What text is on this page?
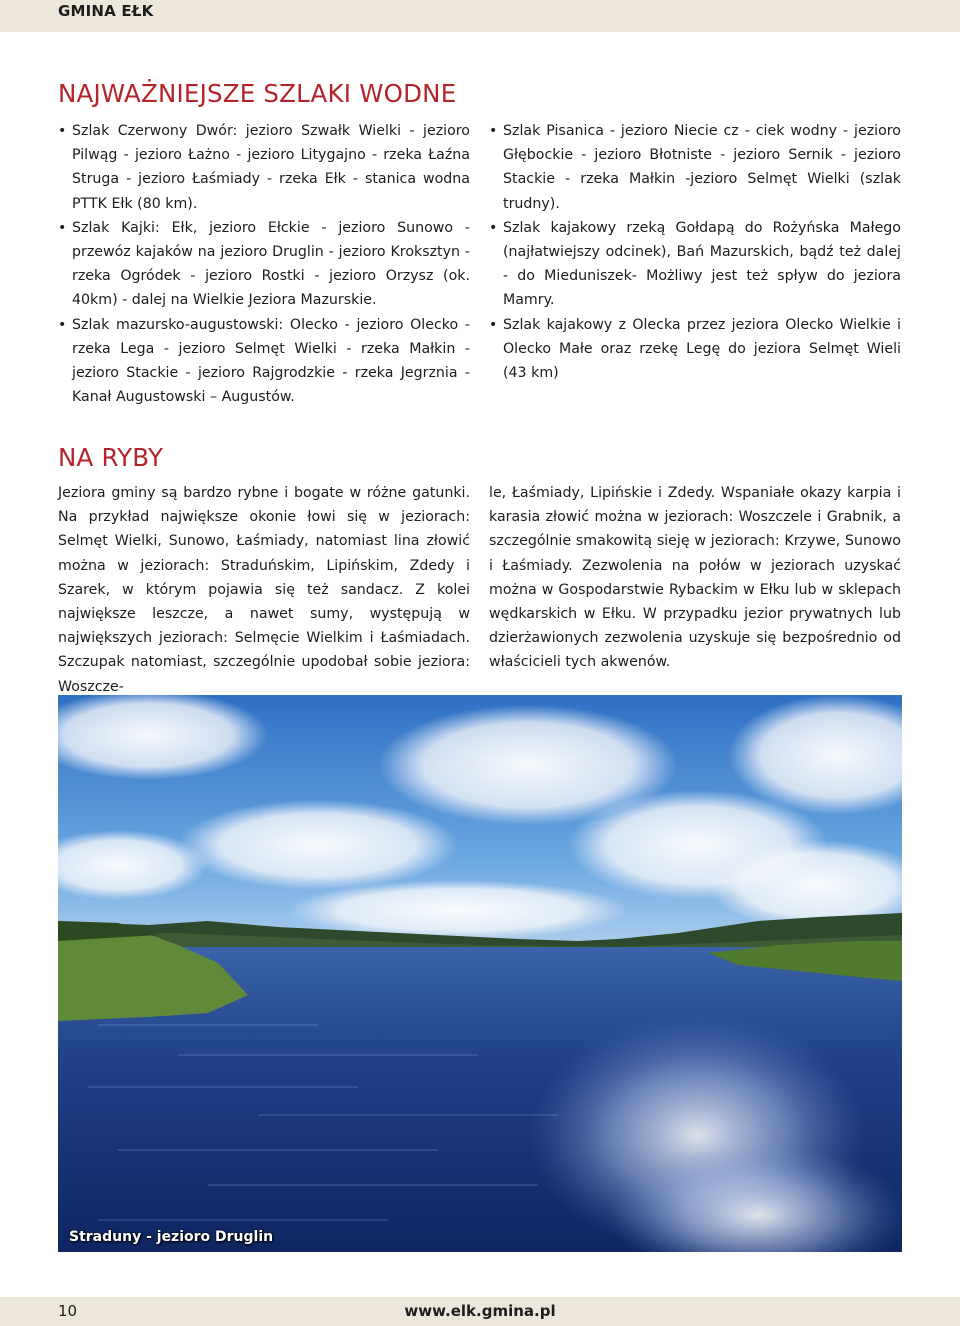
GMINA EŁK
NAJWAŻNIEJSZE SZLAKI WODNE
• Szlak Czerwony Dwór: jezioro Szwałk Wielki - jezioro Pilwąg - jezioro Łażno - jezioro Litygajno - rzeka Łaźna Struga - jezioro Łaśmiady - rzeka Ełk - stanica wodna PTTK Ełk (80 km).
• Szlak Kajki: Ełk, jezioro Ełckie - jezioro Sunowo - przewóz kajaków na jezioro Druglin - jezioro Kroksztyn - rzeka Ogródek - jezioro Rostki - jezioro Orzysz (ok. 40km) - dalej na Wielkie Jeziora Mazurskie.
• Szlak mazursko-augustowski: Olecko - jezioro Olecko - rzeka Lega - jezioro Selmęt Wielki - rzeka Małkin - jezioro Stackie - jezioro Rajgrodzkie - rzeka Jegrznia - Kanał Augustowski – Augustów.
• Szlak Pisanica - jezioro Niecie cz - ciek wodny - jezioro Głębockie - jezioro Błotniste - jezioro Sernik - jezioro Stackie - rzeka Małkin -jezioro Selmęt Wielki (szlak trudny).
• Szlak kajakowy rzeką Gołdapą do Rożyńska Małego (najłatwiejszy odcinek), Bań Mazurskich, bądź też dalej - do Mieduniszek- Możliwy jest też spływ do jeziora Mamry.
• Szlak kajakowy z Olecka przez jeziora Olecko Wielkie i Olecko Małe oraz rzekę Legę do jeziora Selmęt Wieli (43 km)
NA RYBY

Jeziora gminy są bardzo rybne i bogate w różne gatunki. Na przykład największe okonie łowi się w jeziorach: Selmęt Wielki, Sunowo, Łaśmiady, natomiast lina złowić można w jeziorach: Straduńskim, Lipińskim, Zdedy i Szarek, w którym pojawia się też sandacz. Z kolei największe leszcze, a nawet sumy, występują w największych jeziorach: Selmęcie Wielkim i Łaśmiadach. Szczupak natomiast, szczególnie upodobał sobie jeziora: Woszcze-

le, Łaśmiady, Lipińskie i Zdedy. Wspaniałe okazy karpia i karasia złowić można w jeziorach: Woszczele i Grabnik, a szczególnie smakowitą sieję w jeziorach: Krzywe, Sunowo i Łaśmiady. Zezwolenia na połów w jeziorach uzyskać można w Gospodarstwie Rybackim w Ełku lub w sklepach wędkarskich w Ełku. W przypadku jezior prywatnych lub dzierżawionych zezwolenia uzyskuje się bezpośrednio od właścicieli tych akwenów.

Straduny - jezioro Druglin
10	www.elk.gmina.pl
